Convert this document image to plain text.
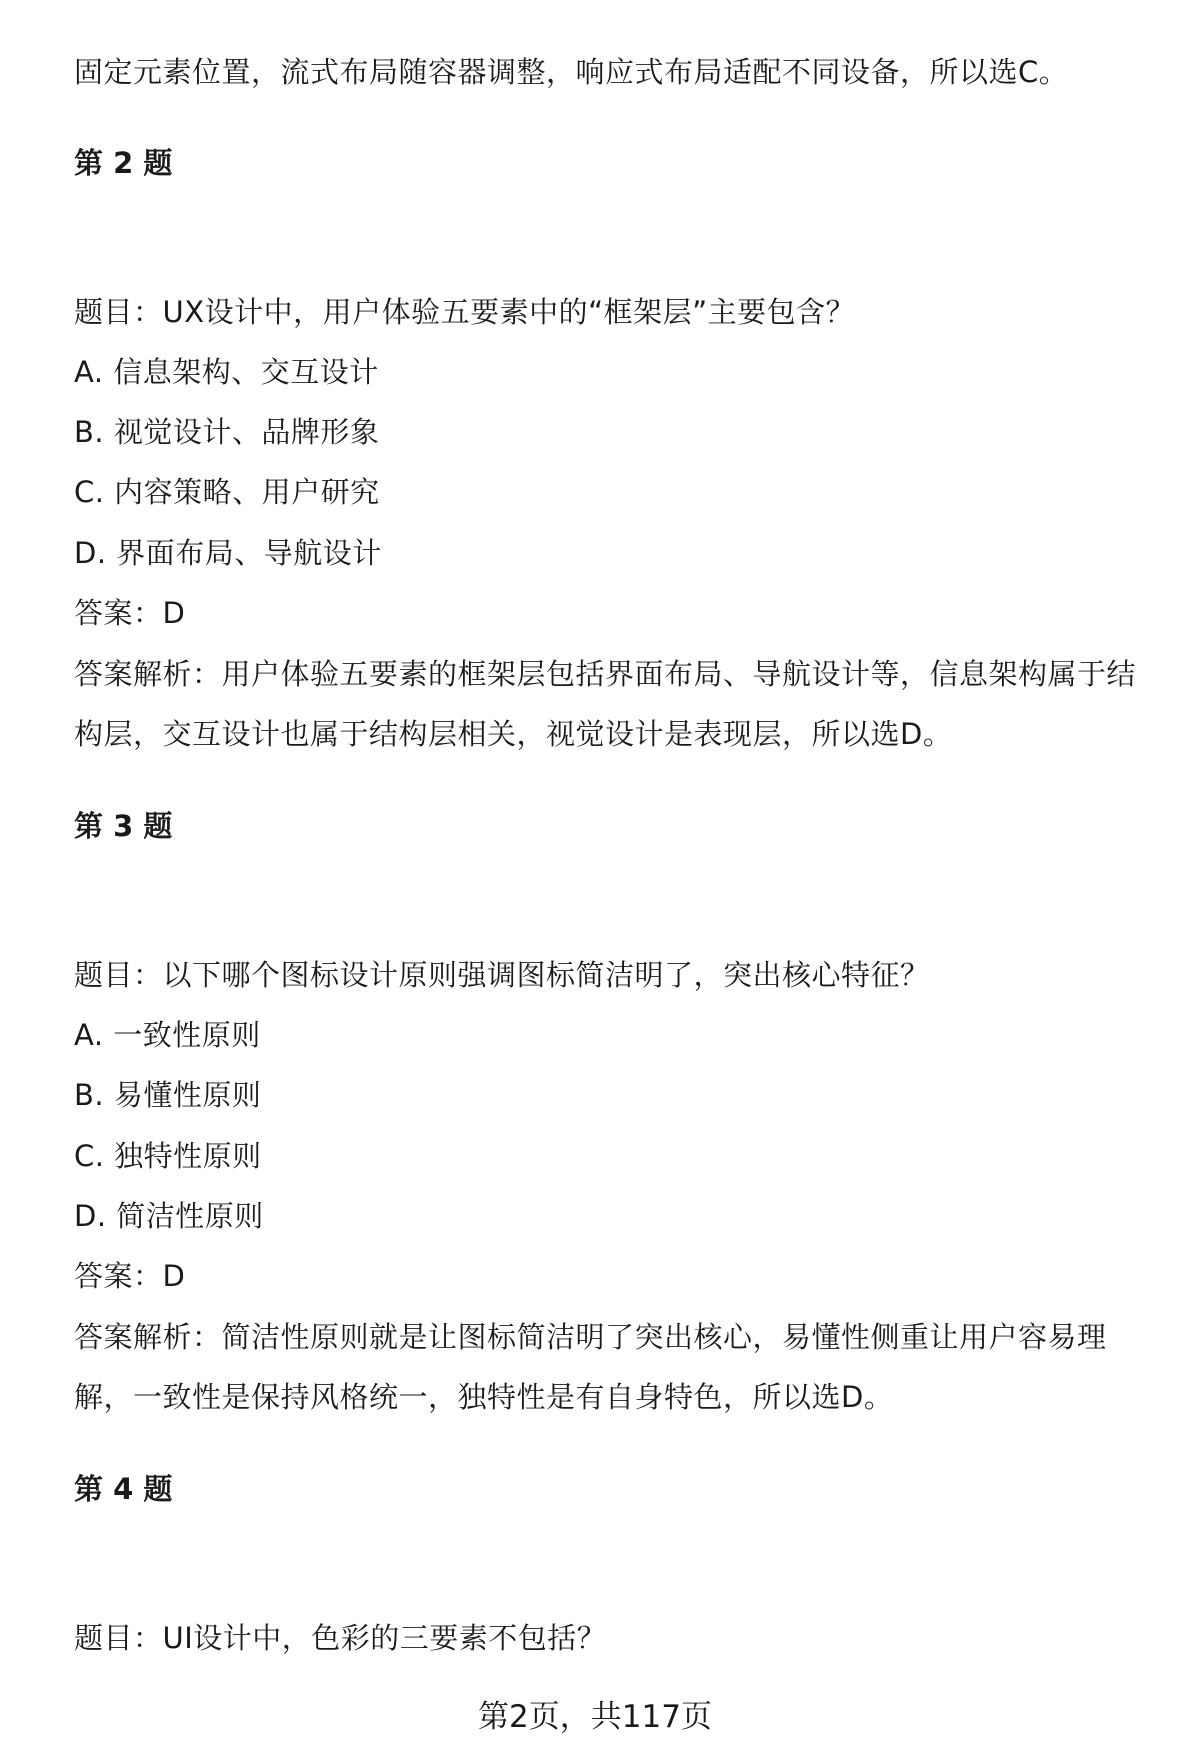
固定元素位置，流式布局随容器调整，响应式布局适配不同设备，所以选C。
第 2 题
题目：UX设计中，用户体验五要素中的“框架层”主要包含？
A. 信息架构、交互设计
B. 视觉设计、品牌形象
C. 内容策略、用户研究
D. 界面布局、导航设计
答案：D
答案解析：用户体验五要素的框架层包括界面布局、导航设计等，信息架构属于结
构层，交互设计也属于结构层相关，视觉设计是表现层，所以选D。
第 3 题
题目：以下哪个图标设计原则强调图标简洁明了，突出核心特征？
A. 一致性原则
B. 易懂性原则
C. 独特性原则
D. 简洁性原则
答案：D
答案解析：简洁性原则就是让图标简洁明了突出核心，易懂性侧重让用户容易理
解，一致性是保持风格统一，独特性是有自身特色，所以选D。
第 4 题
题目：UI设计中，色彩的三要素不包括？
第2页，共117页
